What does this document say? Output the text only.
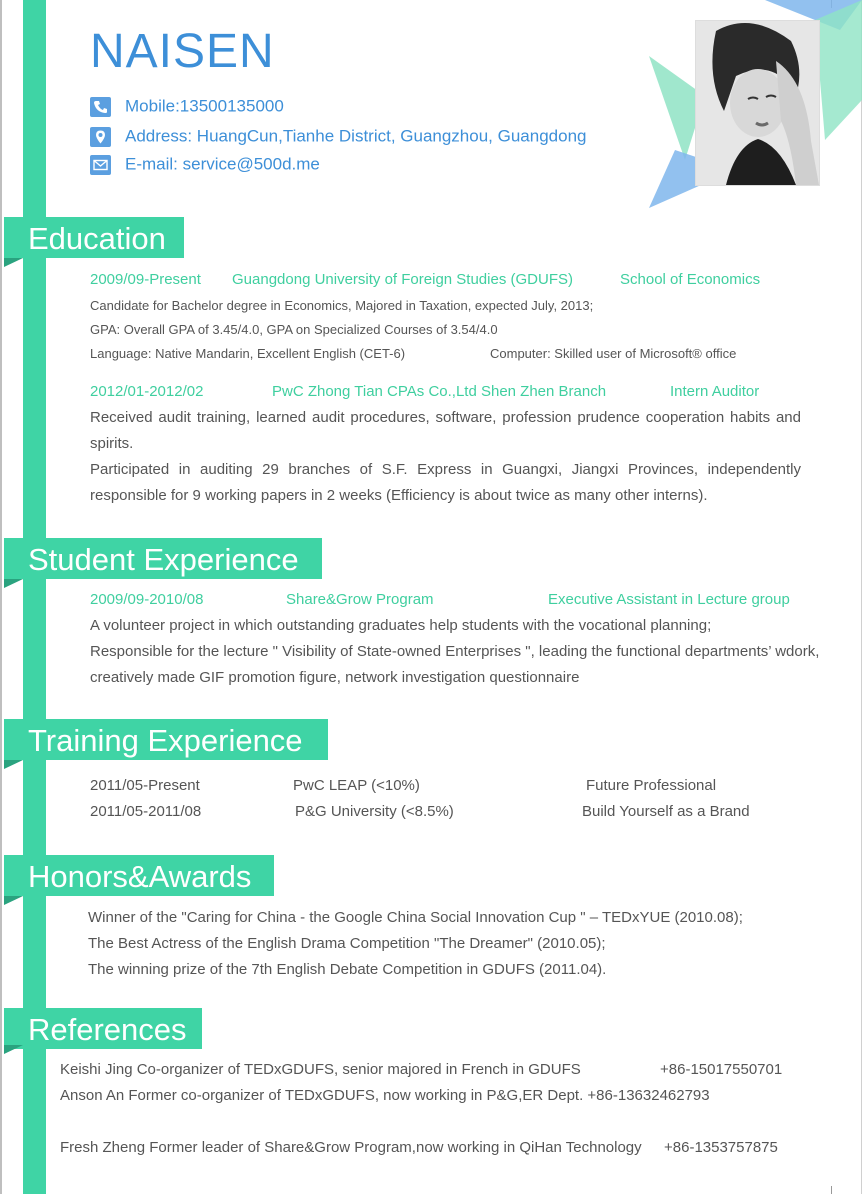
NAISEN
Mobile:13500135000
Address: HuangCun,Tianhe District, Guangzhou, Guangdong
E-mail: service@500d.me
Education
2009/09-Present Guangdong University of Foreign Studies (GDUFS)	School of Economics
Candidate for Bachelor degree in Economics, Majored in Taxation, expected July, 2013;
GPA: Overall GPA of 3.45/4.0, GPA on Specialized Courses of 3.54/4.0
Language: Native Mandarin, Excellent English (CET-6)	Computer: Skilled user of Microsoft® office
2012/01-2012/02	PwC Zhong Tian CPAs Co.,Ltd Shen Zhen Branch	Intern Auditor
Received audit training, learned audit procedures, software, profession prudence cooperation habits and spirits.
Participated in auditing 29 branches of S.F. Express in Guangxi, Jiangxi Provinces, independently responsible for 9 working papers in 2 weeks (Efficiency is about twice as many other interns).
Student Experience
2009/09-2010/08	Share&Grow Program	Executive Assistant in Lecture group
A volunteer project in which outstanding graduates help students with the vocational planning;
Responsible for the lecture " Visibility of State-owned Enterprises ", leading the functional departments’ wdork,
creatively made GIF promotion figure, network investigation questionnaire
Training Experience
2011/05-Present	PwC LEAP (<10%)	Future Professional
2011/05-2011/08	P&G University (<8.5%)	Build Yourself as a Brand
Honors&Awards
Winner of the "Caring for China - the Google China Social Innovation Cup " – TEDxYUE (2010.08);
The Best Actress of the English Drama Competition "The Dreamer" (2010.05);
The winning prize of the 7th English Debate Competition in GDUFS (2011.04).
References
Keishi Jing Co-organizer of TEDxGDUFS, senior majored in French in GDUFS	+86-15017550701
Anson An Former co-organizer of TEDxGDUFS, now working in P&G,ER Dept. +86-13632462793
Fresh Zheng Former leader of Share&Grow Program,now working in QiHan Technology +86-1353757875
